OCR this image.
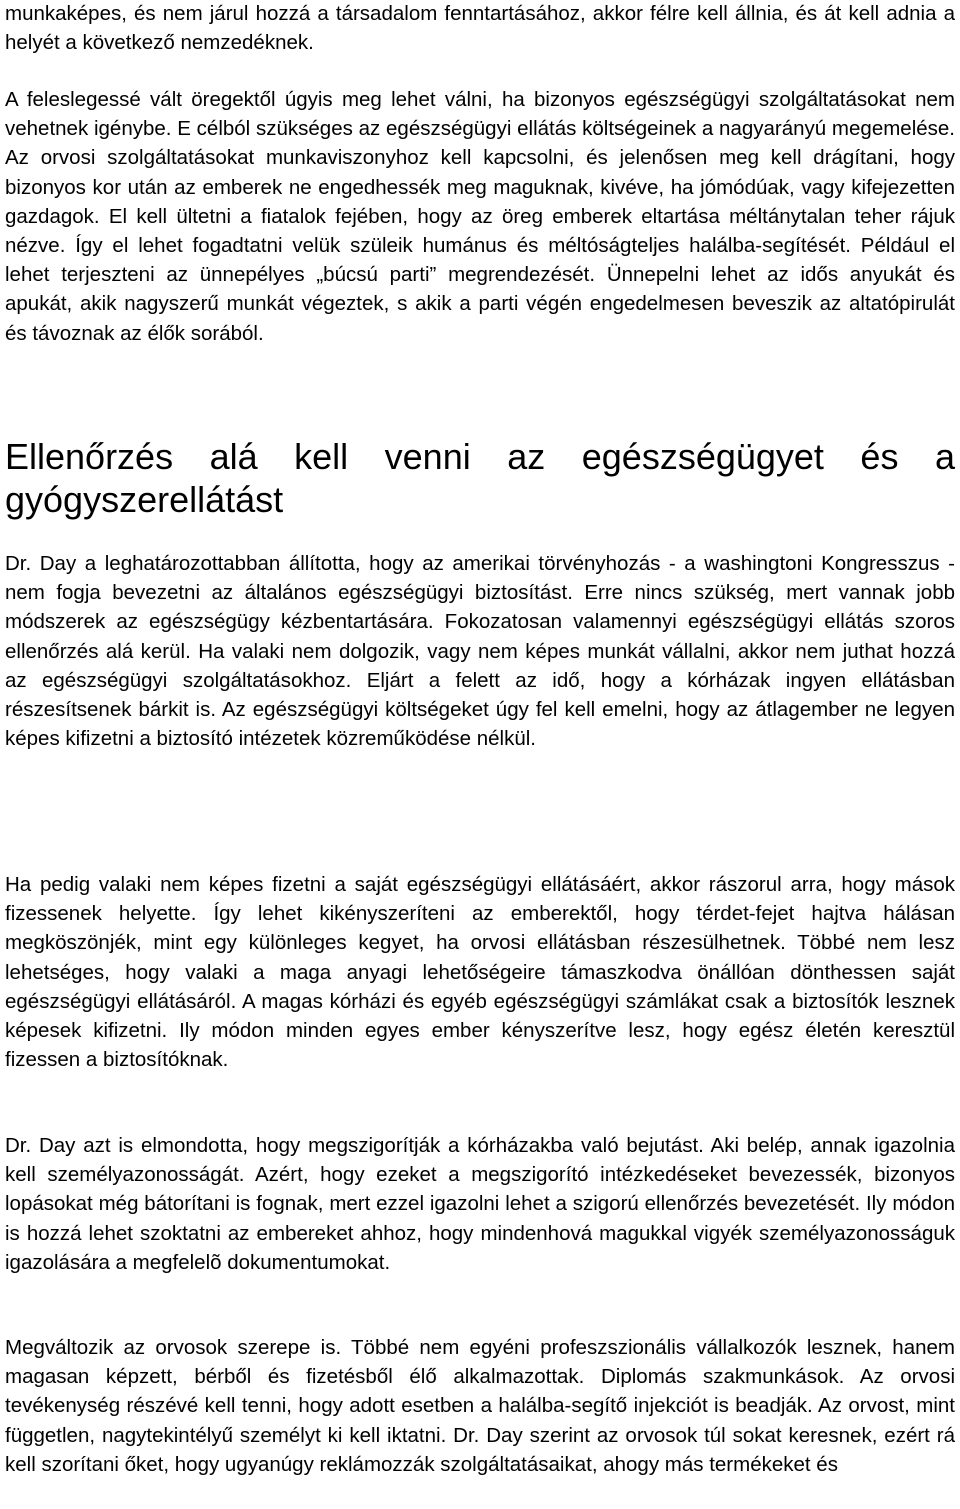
munkaképes, és nem járul hozzá a társadalom fenntartásához, akkor félre kell állnia, és át kell adnia a helyét a következő nemzedéknek.

A feleslegessé vált öregektől úgyis meg lehet válni, ha bizonyos egészségügyi szolgáltatásokat nem vehetnek igénybe. E célból szükséges az egészségügyi ellátás költségeinek a nagyarányú megemelése. Az orvosi szolgáltatásokat munkaviszonyhoz kell kapcsolni, és jelenősen meg kell drágítani, hogy bizonyos kor után az emberek ne engedhessék meg maguknak, kivéve, ha jómódúak, vagy kifejezetten gazdagok. El kell ültetni a fiatalok fejében, hogy az öreg emberek eltartása méltánytalan teher rájuk nézve. Így el lehet fogadtatni velük szüleik humánus és méltóságteljes halálba-segítését. Például el lehet terjeszteni az ünnepélyes „búcsú parti” megrendezését. Ünnepelni lehet az idős anyukát és apukát, akik nagyszerű munkát végeztek, s akik a parti végén engedelmesen beveszik az altatópirulát és távoznak az élők sorából.

Ellenőrzés alá kell venni az egészségügyet és a gyógyszerellátást

Dr. Day a leghatározottabban állította, hogy az amerikai törvényhozás - a washingtoni Kongresszus - nem fogja bevezetni az általános egészségügyi biztosítást. Erre nincs szükség, mert vannak jobb módszerek az egészségügy kézbentartására. Fokozatosan valamennyi egészségügyi ellátás szoros ellenőrzés alá kerül. Ha valaki nem dolgozik, vagy nem képes munkát vállalni, akkor nem juthat hozzá az egészségügyi szolgáltatásokhoz. Eljárt a felett az idő, hogy a kórházak ingyen ellátásban részesítsenek bárkit is. Az egészségügyi költségeket úgy fel kell emelni, hogy az átlagember ne legyen képes kifizetni a biztosító intézetek közreműködése nélkül.

Ha pedig valaki nem képes fizetni a saját egészségügyi ellátásáért, akkor rászorul arra, hogy mások fizessenek helyette. Így lehet kikényszeríteni az emberektől, hogy térdet-fejet hajtva hálásan megköszönjék, mint egy különleges kegyet, ha orvosi ellátásban részesülhetnek. Többé nem lesz lehetséges, hogy valaki a maga anyagi lehetőségeire támaszkodva önállóan dönthessen saját egészségügyi ellátásáról. A magas kórházi és egyéb egészségügyi számlákat csak a biztosítók lesznek képesek kifizetni. Ily módon minden egyes ember kényszerítve lesz, hogy egész életén keresztül fizessen a biztosítóknak.

Dr. Day azt is elmondotta, hogy megszigorítják a kórházakba való bejutást. Aki belép, annak igazolnia kell személyazonosságát. Azért, hogy ezeket a megszigorító intézkedéseket bevezessék, bizonyos lopásokat még bátorítani is fognak, mert ezzel igazolni lehet a szigorú ellenőrzés bevezetését. Ily módon is hozzá lehet szoktatni az embereket ahhoz, hogy mindenhová magukkal vigyék személyazonosságuk igazolására a megfelelõ dokumentumokat.

Megváltozik az orvosok szerepe is. Többé nem egyéni profeszszionális vállalkozók lesznek, hanem magasan képzett, bérből és fizetésből élő alkalmazottak. Diplomás szakmunkások. Az orvosi tevékenység részévé kell tenni, hogy adott esetben a halálba-segítő injekciót is beadják. Az orvost, mint független, nagytekintélyű személyt ki kell iktatni. Dr. Day szerint az orvosok túl sokat keresnek, ezért rá kell szorítani őket, hogy ugyanúgy reklámozzák szolgáltatásaikat, ahogy más termékeket és
